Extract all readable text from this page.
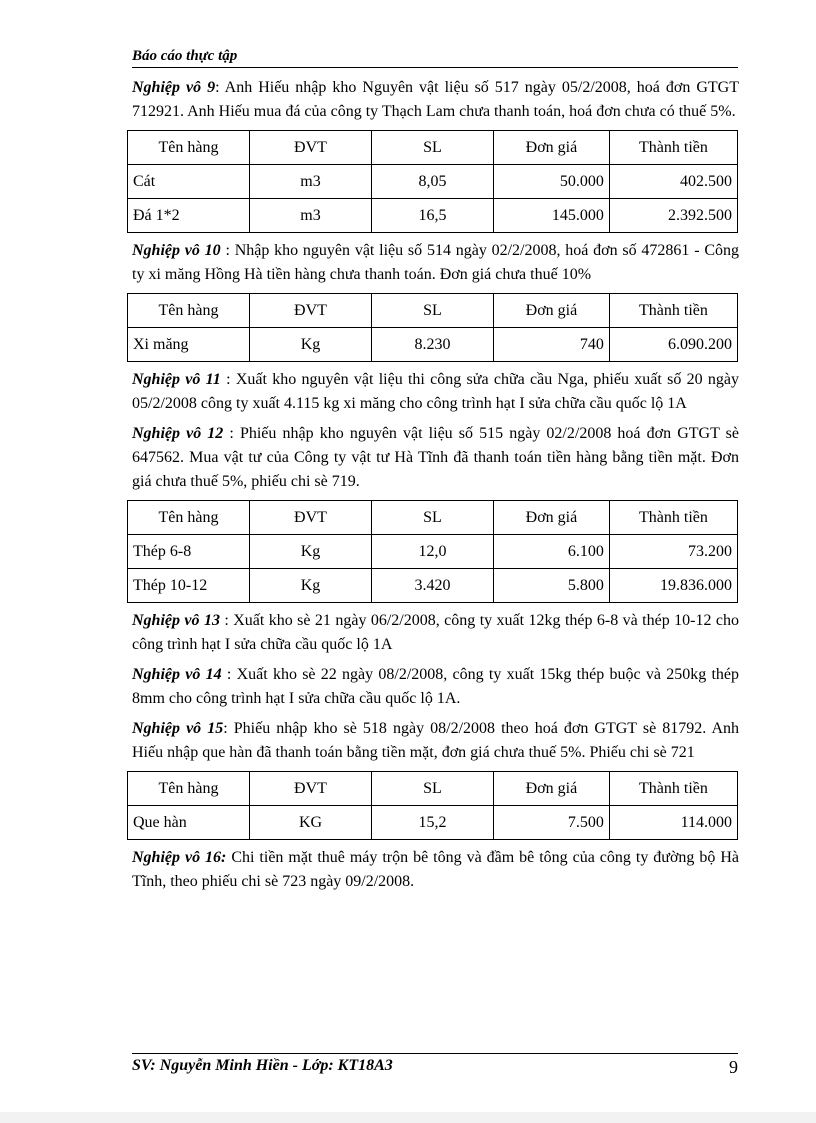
Báo cáo thực tập

Nghiệp vô 9: Anh Hiếu nhập kho Nguyên vật liệu số 517 ngày 05/2/2008, hoá đơn GTGT 712921. Anh Hiếu mua đá của công ty Thạch Lam chưa thanh toán, hoá đơn chưa có thuế 5%.

Tên hàng	ĐVT	SL	Đơn giá	Thành tiền
Cát	m3	8,05	50.000	402.500
Đá 1*2	m3	16,5	145.000	2.392.500

Nghiệp vô 10 : Nhập kho nguyên vật liệu số 514 ngày 02/2/2008, hoá đơn số 472861 - Công ty xi măng Hồng Hà tiền hàng chưa thanh toán. Đơn giá chưa thuế 10%

Tên hàng	ĐVT	SL	Đơn giá	Thành tiền
Xi măng	Kg	8.230	740	6.090.200

Nghiệp vô 11 : Xuất kho nguyên vật liệu thi công sửa chữa cầu Nga, phiếu xuất số 20 ngày 05/2/2008 công ty xuất 4.115 kg xi măng cho công trình hạt I sửa chữa cầu quốc lộ 1A

Nghiệp vô 12 : Phiếu nhập kho nguyên vật liệu số 515 ngày 02/2/2008 hoá đơn GTGT sè 647562. Mua vật tư của Công ty vật tư Hà Tĩnh đã thanh toán tiền hàng bằng tiền mặt. Đơn giá chưa thuế 5%, phiếu chi sè 719.

Tên hàng	ĐVT	SL	Đơn giá	Thành tiền
Thép 6-8	Kg	12,0	6.100	73.200
Thép 10-12	Kg	3.420	5.800	19.836.000

Nghiệp vô 13 : Xuất kho sè 21 ngày 06/2/2008, công ty xuất 12kg thép 6-8 và thép 10-12 cho công trình hạt I sửa chữa cầu quốc lộ 1A

Nghiệp vô 14 : Xuất kho sè 22 ngày 08/2/2008, công ty xuất 15kg thép buộc và 250kg thép 8mm cho công trình hạt I sửa chữa cầu quốc lộ 1A.

Nghiệp vô 15: Phiếu nhập kho sè 518 ngày 08/2/2008 theo hoá đơn GTGT sè 81792. Anh Hiếu nhập que hàn đã thanh toán bằng tiền mặt, đơn giá chưa thuế 5%. Phiếu chi sè 721

Tên hàng	ĐVT	SL	Đơn giá	Thành tiền
Que hàn	KG	15,2	7.500	114.000

Nghiệp vô 16: Chi tiền mặt thuê máy trộn bê tông và đầm bê tông của công ty đường bộ Hà Tĩnh, theo phiếu chi sè 723 ngày 09/2/2008.

SV: Nguyễn Minh Hiền - Lớp: KT18A3	9
